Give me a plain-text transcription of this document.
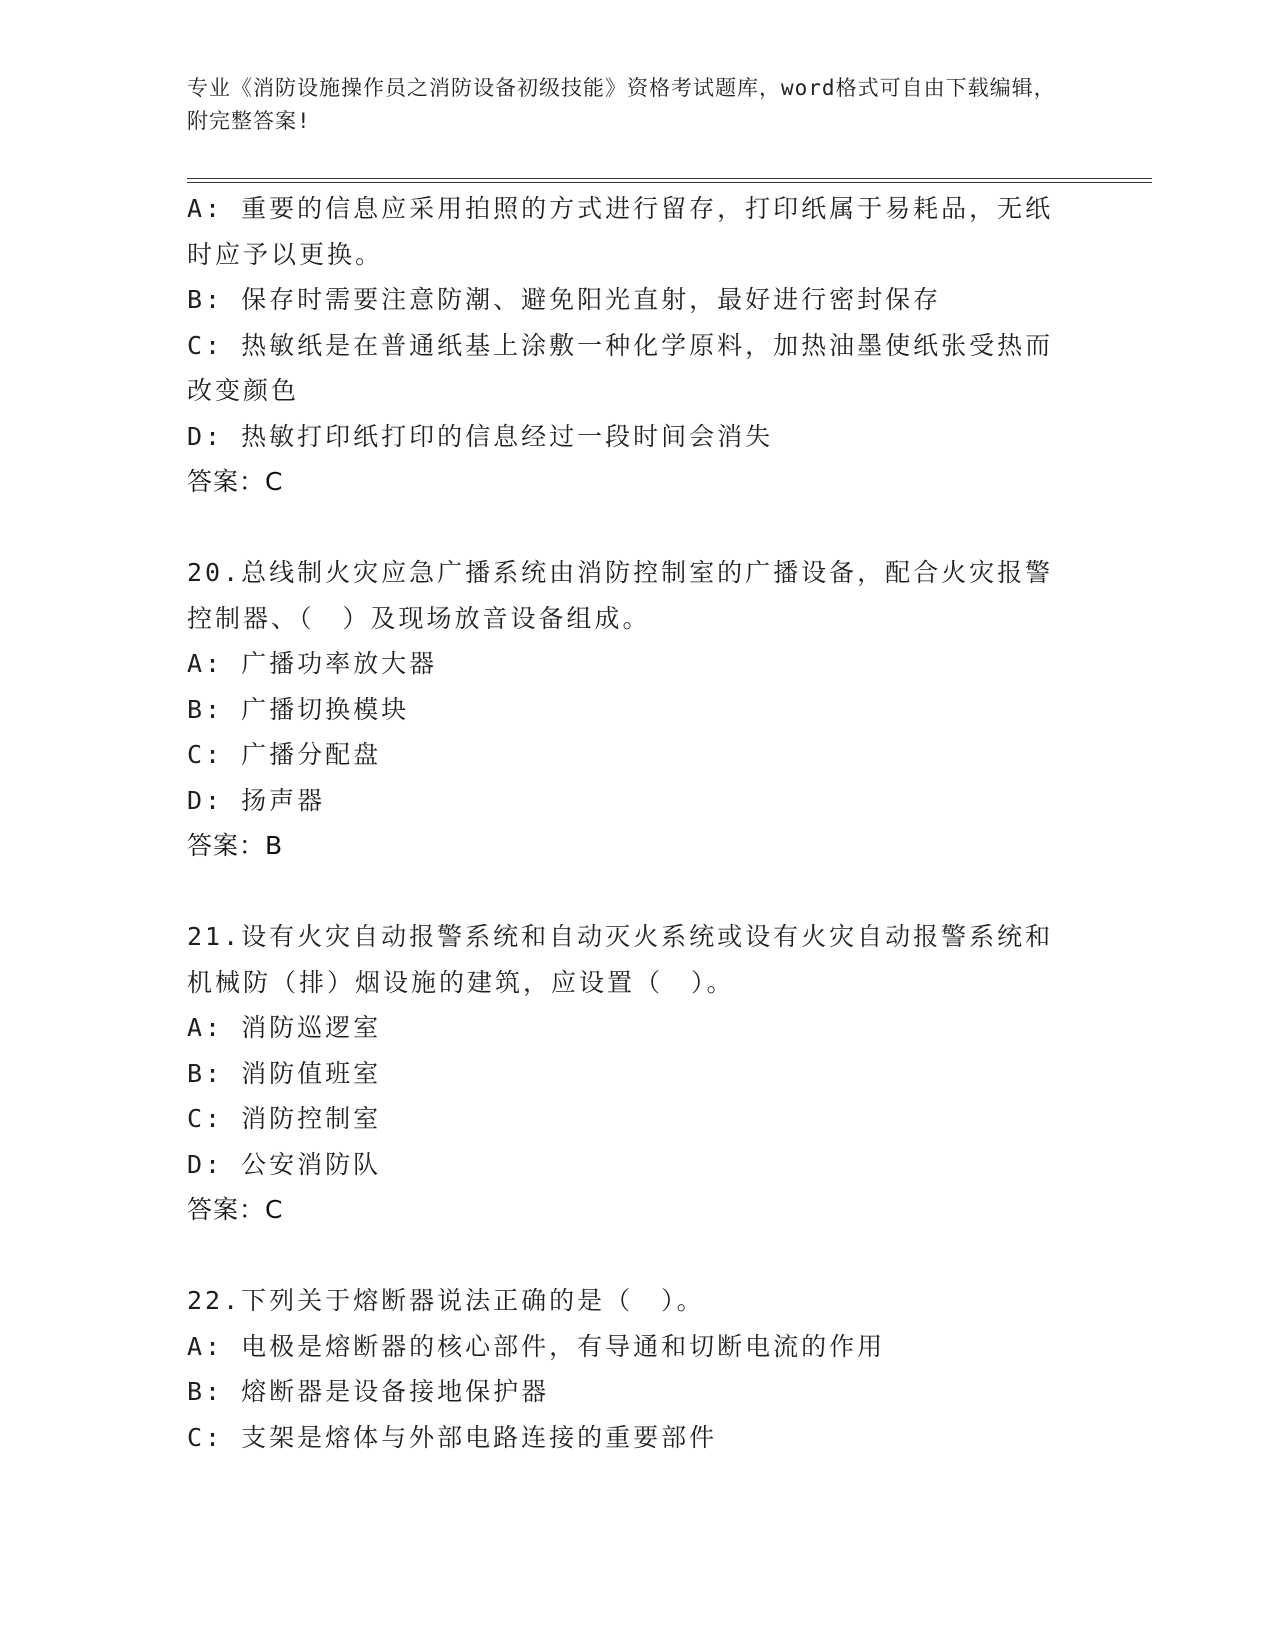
专业《消防设施操作员之消防设备初级技能》资格考试题库，word格式可自由下载编辑，附完整答案!
A: 重要的信息应采用拍照的方式进行留存，打印纸属于易耗品，无纸时应予以更换。
B: 保存时需要注意防潮、避免阳光直射，最好进行密封保存
C: 热敏纸是在普通纸基上涂敷一种化学原料，加热油墨使纸张受热而改变颜色
D: 热敏打印纸打印的信息经过一段时间会消失
答案：C
20.总线制火灾应急广播系统由消防控制室的广播设备，配合火灾报警控制器、（　）及现场放音设备组成。
A: 广播功率放大器
B: 广播切换模块
C: 广播分配盘
D: 扬声器
答案：B
21.设有火灾自动报警系统和自动灭火系统或设有火灾自动报警系统和机械防（排）烟设施的建筑，应设置（　）。
A: 消防巡逻室
B: 消防值班室
C: 消防控制室
D: 公安消防队
答案：C
22.下列关于熔断器说法正确的是（　）。
A: 电极是熔断器的核心部件，有导通和切断电流的作用
B: 熔断器是设备接地保护器
C: 支架是熔体与外部电路连接的重要部件
